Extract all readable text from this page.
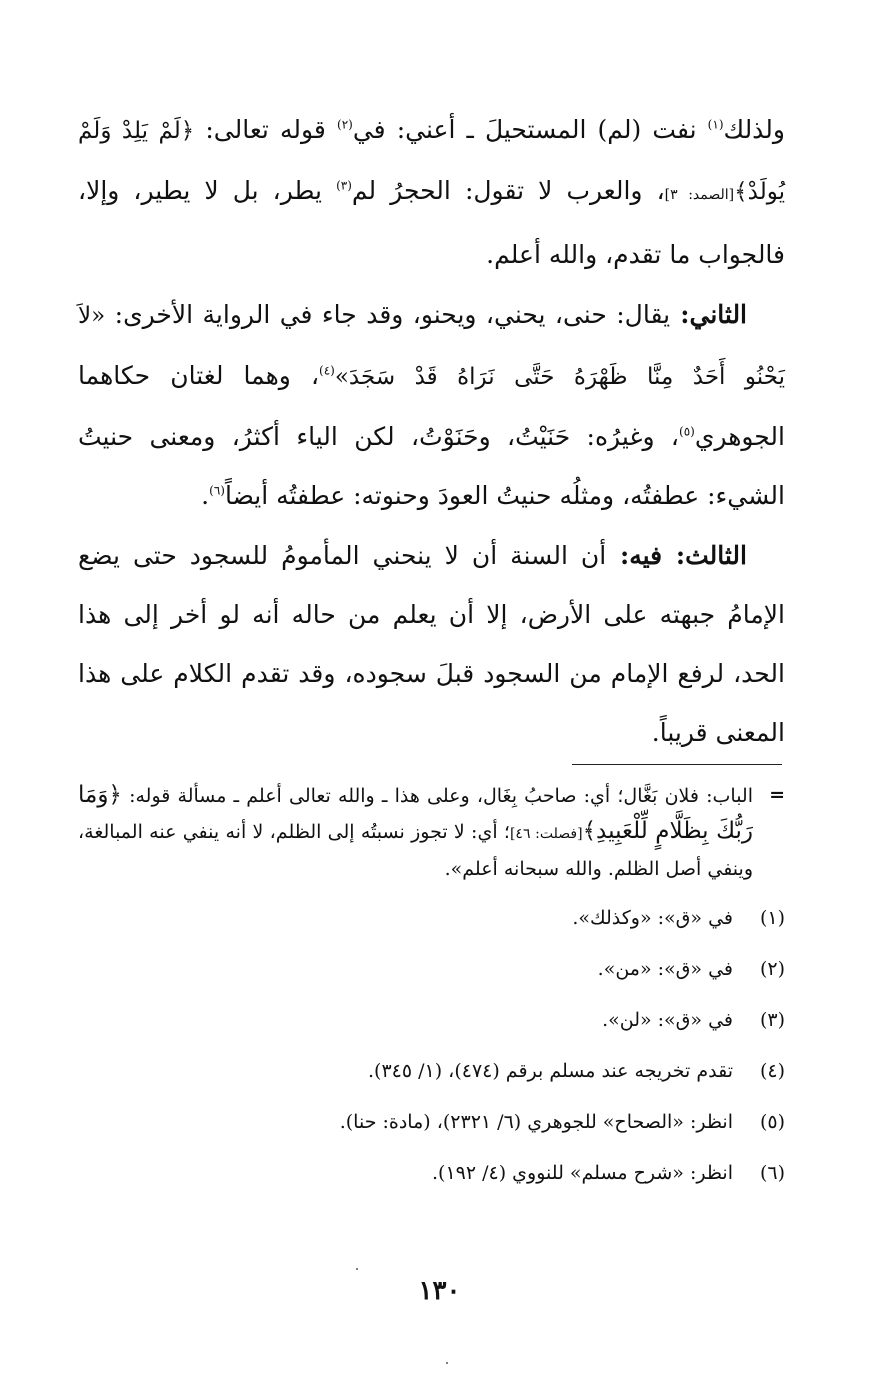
ولذلك$^{(١)}$ نفت (لم) المستحيلَ ـ أعني: في$^{(٢)}$ قوله تعالى: ﴿لَمْ يَلِدْ وَلَمْ يُولَدْ﴾[الصمد: ٣]، والعرب لا تقول: الحجرُ لم$^{(٣)}$ يطر، بل لا يطير، وإلا، فالجواب ما تقدم، والله أعلم.

الثاني: يقال: حنى، يحني، ويحنو، وقد جاء في الرواية الأخرى: «لاَ يَحْنُو أَحَدٌ مِنَّا ظَهْرَهُ حَتَّى نَرَاهُ قَدْ سَجَدَ»$^{(٤)}$، وهما لغتان حكاهما الجوهري$^{(٥)}$، وغيرُه: حَنَيْتُ، وحَنَوْتُ، لكن الياء أكثرُ، ومعنى حنيتُ الشيء: عطفتُه، ومثلُه حنيتُ العودَ وحنوته: عطفتُه أيضاً$^{(٦)}$.

الثالث: فيه: أن السنة أن لا ينحني المأمومُ للسجود حتى يضع الإمامُ جبهته على الأرض، إلا أن يعلم من حاله أنه لو أخر إلى هذا الحد، لرفع الإمام من السجود قبلَ سجوده، وقد تقدم الكلام على هذا المعنى قريباً.

=
الباب: فلان بَغَّال؛ أي: صاحبُ بِغَال، وعلى هذا ـ والله تعالى أعلم ـ مسألة قوله: ﴿وَمَا رَبُّكَ بِظَلَّامٍ لِّلْعَبِيدِ﴾[فصلت: ٤٦]؛ أي: لا تجوز نسبتُه إلى الظلم، لا أنه ينفي عنه المبالغة، وينفي أصل الظلم. والله سبحانه أعلم».
(١)
في «ق»: «وكذلك».
(٢)
في «ق»: «من».
(٣)
في «ق»: «لن».
(٤)
تقدم تخريجه عند مسلم برقم (٤٧٤)، (١/ ٣٤٥).
(٥)
انظر: «الصحاح» للجوهري (٦/ ٢٣٢١)، (مادة: حنا).
(٦)
انظر: «شرح مسلم» للنووي (٤/ ١٩٢).
١٣٠
